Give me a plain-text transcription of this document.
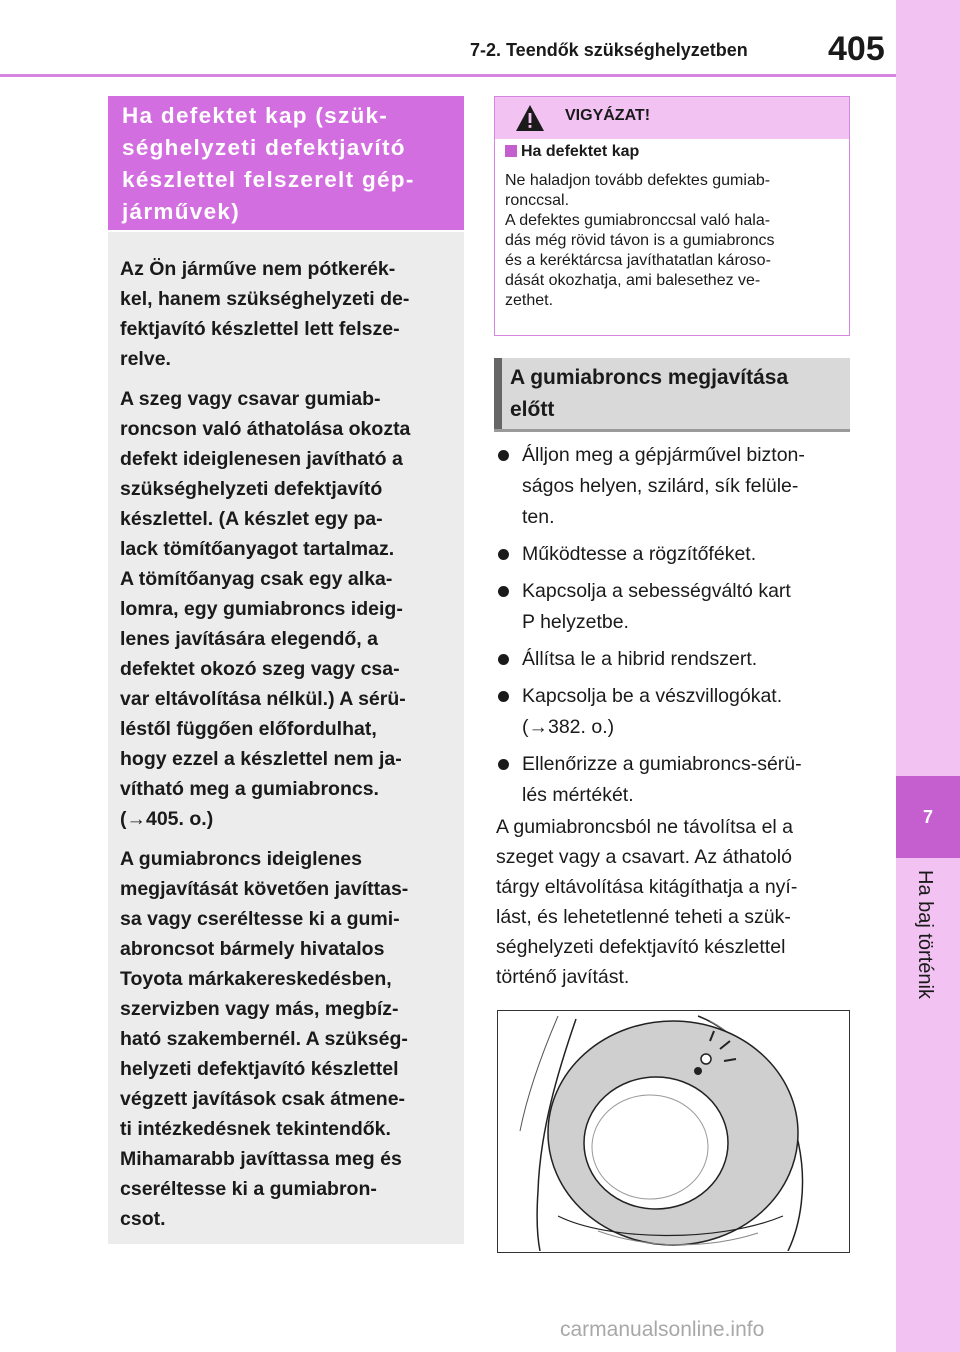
7-2. Teendők szükséghelyzetben 405
7
Ha baj történik
Ha defektet kap (szük-
séghelyzeti defektjavító
készlettel felszerelt gép-
járművek)

Az Ön járműve nem pótkerék-
kel, hanem szükséghelyzeti de-
fektjavító készlettel lett felsze-
relve.

A szeg vagy csavar gumiab-
roncson való áthatolása okozta
defekt ideiglenesen javítható a
szükséghelyzeti defektjavító
készlettel. (A készlet egy pa-
lack tömítőanyagot tartalmaz.
A tömítőanyag csak egy alka-
lomra, egy gumiabroncs ideig-
lenes javítására elegendő, a
defektet okozó szeg vagy csa-
var eltávolítása nélkül.) A sérü-
léstől függően előfordulhat,
hogy ezzel a készlettel nem ja-
vítható meg a gumiabroncs.
(→405. o.)

A gumiabroncs ideiglenes
megjavítását követően javíttas-
sa vagy cseréltesse ki a gumi-
abroncsot bármely hivatalos
Toyota márkakereskedésben,
szervizben vagy más, megbíz-
ható szakembernél. A szükség-
helyzeti defektjavító készlettel
végzett javítások csak átmene-
ti intézkedésnek tekintendők.
Mihamarabb javíttassa meg és
cseréltesse ki a gumiabron-
csot.

VIGYÁZAT!
Ha defektet kap
Ne haladjon tovább defektes gumiab-
ronccsal.
A defektes gumiabronccsal való hala-
dás még rövid távon is a gumiabroncs
és a keréktárcsa javíthatatlan károso-
dását okozhatja, ami balesethez ve-
zethet.
A gumiabroncs megjavítása
előtt
Álljon meg a gépjárművel bizton-
ságos helyen, szilárd, sík felüle-
ten.
Működtesse a rögzítőféket.
Kapcsolja a sebességváltó kart
P helyzetbe.
Állítsa le a hibrid rendszert.
Kapcsolja be a vészvillogókat.
(→382. o.)
Ellenőrizze a gumiabroncs-sérü-
lés mértékét.
A gumiabroncsból ne távolítsa el a
szeget vagy a csavart. Az áthatoló
tárgy eltávolítása kitágíthatja a nyí-
lást, és lehetetlenné teheti a szük-
séghelyzeti defektjavító készlettel
történő javítást.
carmanualsonline.info
